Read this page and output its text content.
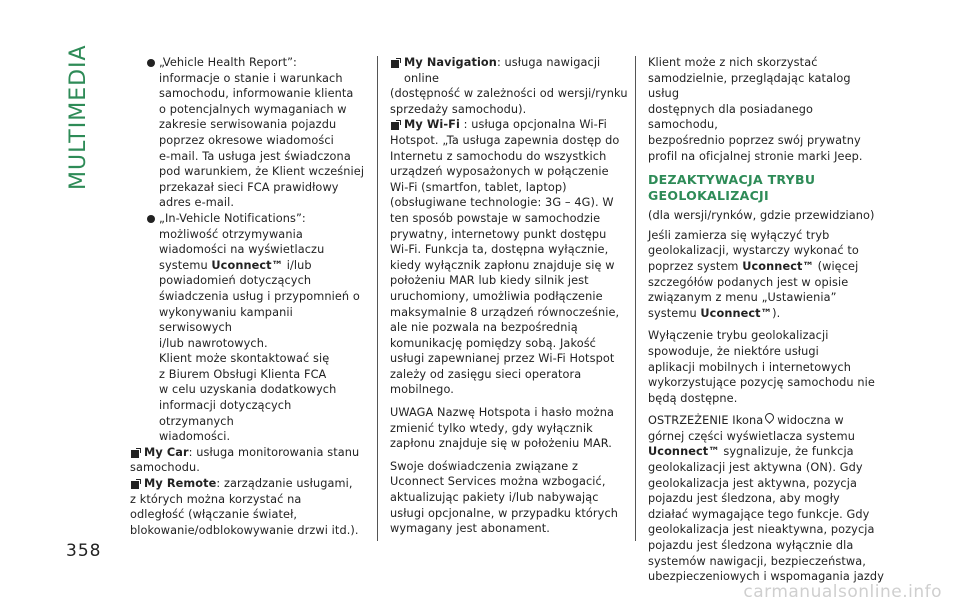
MULTIMEDIA
358
„Vehicle Health Report”:
informacje o stanie i warunkach
samochodu, informowanie klienta
o potencjalnych wymaganiach w
zakresie serwisowania pojazdu
poprzez okresowe wiadomości
e-mail. Ta usługa jest świadczona
pod warunkiem, że Klient wcześniej
przekazał sieci FCA prawidłowy
adres e-mail.
„In-Vehicle Notifications”:
możliwość otrzymywania
wiadomości na wyświetlaczu
systemu Uconnect™ i/lub
powiadomień dotyczących
świadczenia usług i przypomnień o
wykonywaniu kampanii serwisowych
i/lub nawrotowych.
Klient może skontaktować się
z Biurem Obsługi Klienta FCA
w celu uzyskania dodatkowych
informacji dotyczących otrzymanych
wiadomości.
My Car: usługa monitorowania stanu
samochodu.
My Remote: zarządzanie usługami,
z których można korzystać na
odległość (włączanie świateł,
blokowanie/odblokowywanie drzwi itd.).
My Navigation: usługa nawigacji online
(dostępność w zależności od wersji/rynku
sprzedaży samochodu).
My Wi-Fi : usługa opcjonalna Wi-Fi
Hotspot. „Ta usługa zapewnia dostęp do
Internetu z samochodu do wszystkich
urządzeń wyposażonych w połączenie
Wi-Fi (smartfon, tablet, laptop)
(obsługiwane technologie: 3G – 4G). W
ten sposób powstaje w samochodzie
prywatny, internetowy punkt dostępu
Wi-Fi. Funkcja ta, dostępna wyłącznie,
kiedy wyłącznik zapłonu znajduje się w
położeniu MAR lub kiedy silnik jest
uruchomiony, umożliwia podłączenie
maksymalnie 8 urządzeń równocześnie,
ale nie pozwala na bezpośrednią
komunikację pomiędzy sobą. Jakość
usługi zapewnianej przez Wi-Fi Hotspot
zależy od zasięgu sieci operatora
mobilnego.
UWAGA Nazwę Hotspota i hasło można
zmienić tylko wtedy, gdy wyłącznik
zapłonu znajduje się w położeniu MAR.
Swoje doświadczenia związane z
Uconnect Services można wzbogacić,
aktualizując pakiety i/lub nabywając
usługi opcjonalne, w przypadku których
wymagany jest abonament.
Klient może z nich skorzystać
samodzielnie, przeglądając katalog usług
dostępnych dla posiadanego samochodu,
bezpośrednio poprzez swój prywatny
profil na oficjalnej stronie marki Jeep.
DEZAKTYWACJA TRYBU
GEOLOKALIZACJI
(dla wersji/rynków, gdzie przewidziano)
Jeśli zamierza się wyłączyć tryb
geolokalizacji, wystarczy wykonać to
poprzez system Uconnect™ (więcej
szczegółów podanych jest w opisie
związanym z menu „Ustawienia”
systemu Uconnect™).
Wyłączenie trybu geolokalizacji
spowoduje, że niektóre usługi
aplikacji mobilnych i internetowych
wykorzystujące pozycję samochodu nie
będą dostępne.
OSTRZEŻENIE Ikona widoczna w
górnej części wyświetlacza systemu
Uconnect™ sygnalizuje, że funkcja
geolokalizacji jest aktywna (ON). Gdy
geolokalizacja jest aktywna, pozycja
pojazdu jest śledzona, aby mogły
działać wymagające tego funkcje. Gdy
geolokalizacja jest nieaktywna, pozycja
pojazdu jest śledzona wyłącznie dla
systemów nawigacji, bezpieczeństwa,
ubezpieczeniowych i wspomagania jazdy
carmanualsonline.info
